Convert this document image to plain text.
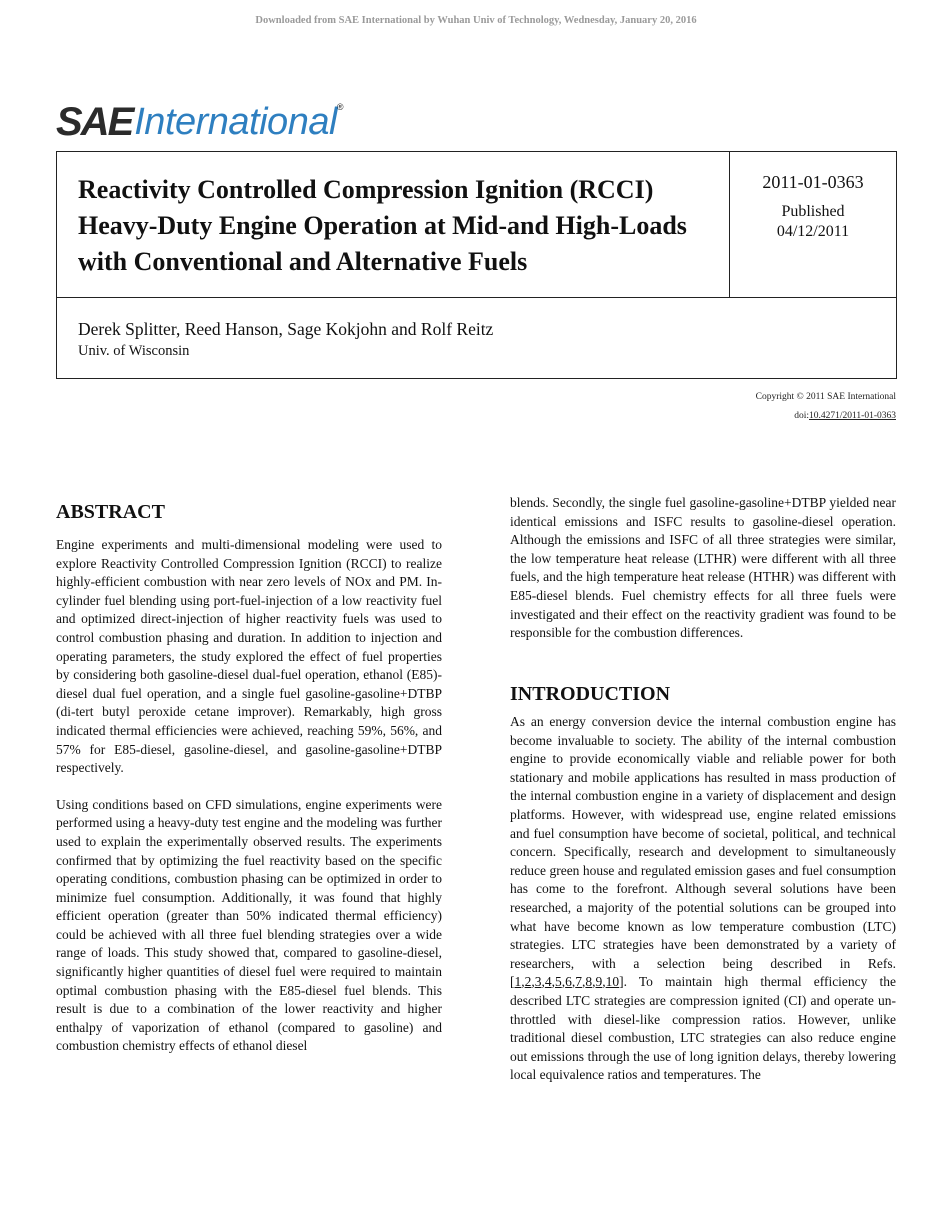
Downloaded from SAE International by Wuhan Univ of Technology, Wednesday, January 20, 2016
SAEInternational®
Reactivity Controlled Compression Ignition (RCCI) Heavy-Duty Engine Operation at Mid-and High-Loads with Conventional and Alternative Fuels
2011-01-0363
Published
04/12/2011
Derek Splitter, Reed Hanson, Sage Kokjohn and Rolf Reitz
Univ. of Wisconsin
Copyright © 2011 SAE International
doi:10.4271/2011-01-0363
ABSTRACT

Engine experiments and multi-dimensional modeling were used to explore Reactivity Controlled Compression Ignition (RCCI) to realize highly-efficient combustion with near zero levels of NOx and PM. In-cylinder fuel blending using port-fuel-injection of a low reactivity fuel and optimized direct-injection of higher reactivity fuels was used to control combustion phasing and duration. In addition to injection and operating parameters, the study explored the effect of fuel properties by considering both gasoline-diesel dual-fuel operation, ethanol (E85)-diesel dual fuel operation, and a single fuel gasoline-gasoline+DTBP (di-tert butyl peroxide cetane improver). Remarkably, high gross indicated thermal efficiencies were achieved, reaching 59%, 56%, and 57% for E85-diesel, gasoline-diesel, and gasoline-gasoline+DTBP respectively.

Using conditions based on CFD simulations, engine experiments were performed using a heavy-duty test engine and the modeling was further used to explain the experimentally observed results. The experiments confirmed that by optimizing the fuel reactivity based on the specific operating conditions, combustion phasing can be optimized in order to minimize fuel consumption. Additionally, it was found that highly efficient operation (greater than 50% indicated thermal efficiency) could be achieved with all three fuel blending strategies over a wide range of loads. This study showed that, compared to gasoline-diesel, significantly higher quantities of diesel fuel were required to maintain optimal combustion phasing with the E85-diesel fuel blends. This result is due to a combination of the lower reactivity and higher enthalpy of vaporization of ethanol (compared to gasoline) and combustion chemistry effects of ethanol diesel

blends. Secondly, the single fuel gasoline-gasoline+DTBP yielded near identical emissions and ISFC results to gasoline-diesel operation. Although the emissions and ISFC of all three strategies were similar, the low temperature heat release (LTHR) were different with all three fuels, and the high temperature heat release (HTHR) was different with E85-diesel blends. Fuel chemistry effects for all three fuels were investigated and their effect on the reactivity gradient was found to be responsible for the combustion differences.

INTRODUCTION

As an energy conversion device the internal combustion engine has become invaluable to society. The ability of the internal combustion engine to provide economically viable and reliable power for both stationary and mobile applications has resulted in mass production of the internal combustion engine in a variety of displacement and design platforms. However, with widespread use, engine related emissions and fuel consumption have become of societal, political, and technical concern. Specifically, research and development to simultaneously reduce green house and regulated emission gases and fuel consumption has come to the forefront. Although several solutions have been researched, a majority of the potential solutions can be grouped into what have become known as low temperature combustion (LTC) strategies. LTC strategies have been demonstrated by a variety of researchers, with a selection being described in Refs. [1,2,3,4,5,6,7,8,9,10]. To maintain high thermal efficiency the described LTC strategies are compression ignited (CI) and operate un-throttled with diesel-like compression ratios. However, unlike traditional diesel combustion, LTC strategies can also reduce engine out emissions through the use of long ignition delays, thereby lowering local equivalence ratios and temperatures. The
